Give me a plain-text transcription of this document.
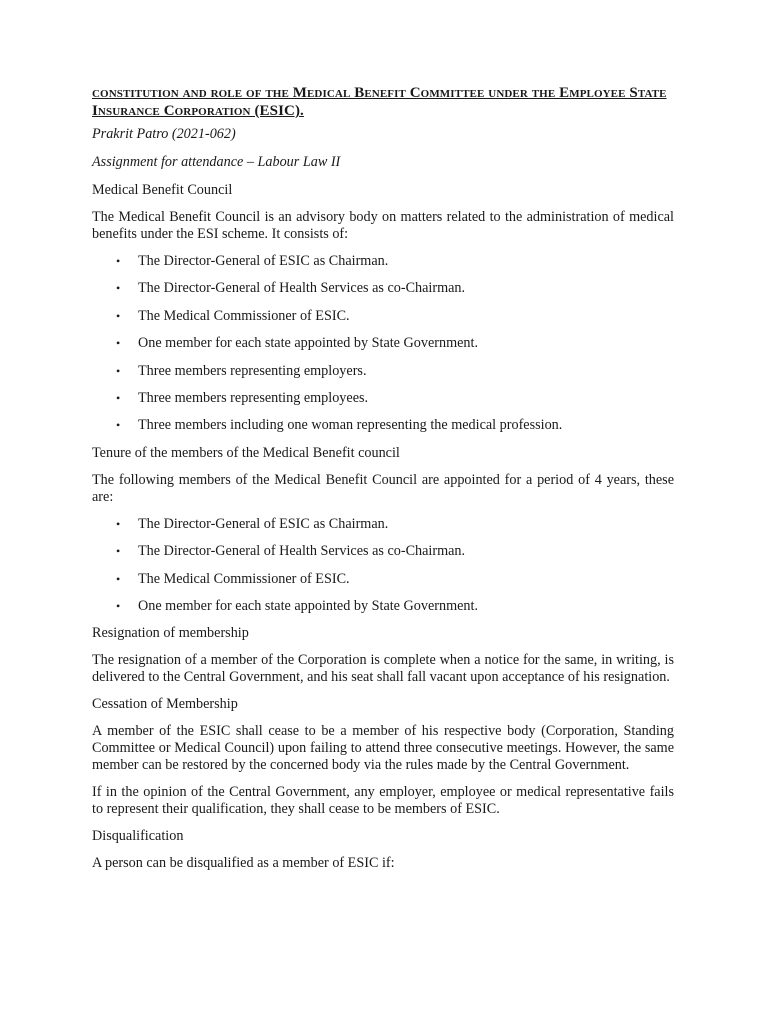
constitution and role of the Medical Benefit Committee under the Employee State Insurance Corporation (ESIC).
Prakrit Patro (2021-062)
Assignment for attendance – Labour Law II
Medical Benefit Council

The Medical Benefit Council is an advisory body on matters related to the administration of medical benefits under the ESI scheme. It consists of:

• The Director-General of ESIC as Chairman.
• The Director-General of Health Services as co-Chairman.
• The Medical Commissioner of ESIC.
• One member for each state appointed by State Government.
• Three members representing employers.
• Three members representing employees.
• Three members including one woman representing the medical profession.
Tenure of the members of the Medical Benefit council

The following members of the Medical Benefit Council are appointed for a period of 4 years, these are:

• The Director-General of ESIC as Chairman.
• The Director-General of Health Services as co-Chairman.
• The Medical Commissioner of ESIC.
• One member for each state appointed by State Government.
Resignation of membership

The resignation of a member of the Corporation is complete when a notice for the same, in writing, is delivered to the Central Government, and his seat shall fall vacant upon acceptance of his resignation.

Cessation of Membership

A member of the ESIC shall cease to be a member of his respective body (Corporation, Standing Committee or Medical Council) upon failing to attend three consecutive meetings. However, the same member can be restored by the concerned body via the rules made by the Central Government.

If in the opinion of the Central Government, any employer, employee or medical representative fails to represent their qualification, they shall cease to be members of ESIC.

Disqualification

A person can be disqualified as a member of ESIC if:
